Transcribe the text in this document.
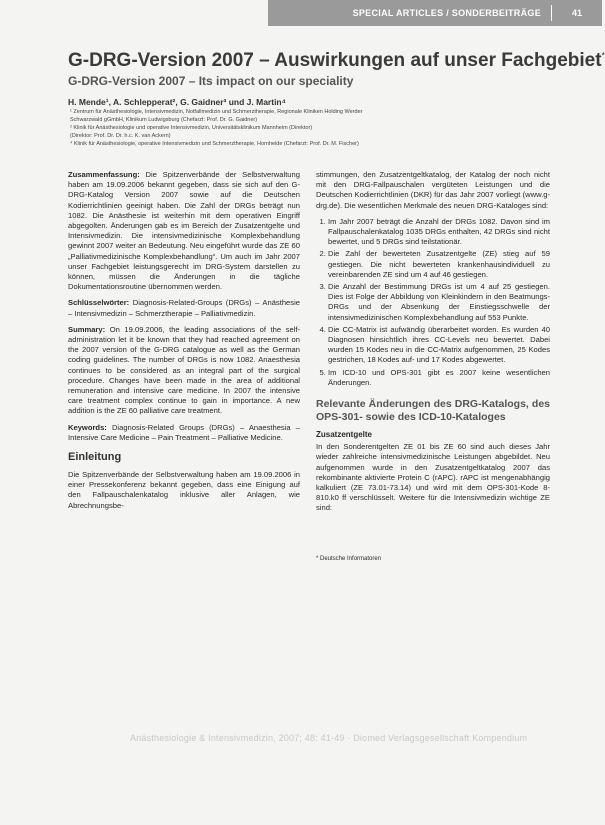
SPECIAL ARTICLES / SONDERBEITRÄGE	41
G-DRG-Version 2007 – Auswirkungen auf unser Fachgebiet*
G-DRG-Version 2007 – Its impact on our speciality
H. Mende¹, A. Schlepperat², G. Gaidner³ und J. Martin⁴
¹ Zentrum für Anästhesiologie, Intensivmedizin, Notfallmedizin und Schmerztherapie, Regionale Kliniken Holding Werder
Schwarzwald gGmbH, Klinikum Ludwigsburg (Chefarzt: Prof. Dr. G. Gaidner)
² Klinik für Anästhesiologie und operative Intensivmedizin, Universitätsklinikum Mannheim (Direktor)
(Direktor: Prof. Dr. Dr. h.c. K. van Ackern)
⁴ Klinik für Anästhesiologie, operative Intensivmedizin und Schmerztherapie, Hornheide (Chefarzt: Prof. Dr. M. Fischer)

Zusammenfassung: Die Spitzenverbände der Selbstverwaltung haben am 19.09.2006 bekannt gegeben, dass sie sich auf den G-DRG-Katalog Version 2007 sowie auf die Deutschen Kodierrichtlinien geeinigt haben. Die Zahl der DRGs beträgt nun 1082. Die Anästhesie ist weiterhin mit dem operativen Eingriff abgegolten. Änderungen gab es im Bereich der Zusatzentgelte und Intensivmedizin. Die intensivmedizinische Komplexbehandlung gewinnt 2007 weiter an Bedeutung. Neu eingeführt wurde das ZE 60 „Palliativmedizinische Komplexbehandlung“. Um auch im Jahr 2007 unser Fachgebiet leistungsgerecht im DRG-System darstellen zu können, müssen die Änderungen in die tägliche Dokumentationsroutine übernommen werden.

Schlüsselwörter: Diagnosis-Related-Groups (DRGs) – Anästhesie – Intensivmedizin – Schmerztherapie – Palliativmedizin.

Summary: On 19.09.2006, the leading associations of the self-administration let it be known that they had reached agreement on the 2007 version of the G-DRG catalogue as well as the German coding guidelines. The number of DRGs is now 1082. Anaesthesia continues to be considered as an integral part of the surgical procedure. Changes have been made in the area of additional remuneration and intensive care medicine. In 2007 the intensive care treatment complex continue to gain in importance. A new addition is the ZE 60 palliative care treatment.

Keywords: Diagnosis-Related Groups (DRGs) – Anaesthesia – Intensive Care Medicine – Pain Treatment – Palliative Medicine.

Einleitung

Die Spitzenverbände der Selbstverwaltung haben am 19.09.2006 in einer Pressekonferenz bekannt gegeben, dass eine Einigung auf den Fallpauschalenkatalog inklusive aller Anlagen, wie Abrechnungsbe-

stimmungen, den Zusatzentgeltkatalog, der Katalog der noch nicht mit den DRG-Fallpauschalen vergüteten Leistungen und die Deutschen Kodierrichtlinien (DKR) für das Jahr 2007 vorliegt (www.g-drg.de). Die wesentlichen Merkmale des neuen DRG-Kataloges sind:

1. Im Jahr 2007 beträgt die Anzahl der DRGs 1082. Davon sind im Fallpauschalenkatalog 1035 DRGs enthalten, 42 DRGs sind nicht bewertet, und 5 DRGs sind teilstationär.
2. Die Zahl der bewerteten Zusatzentgelte (ZE) stieg auf 59 gestiegen. Die nicht bewerteten krankenhausindividuell zu vereinbarenden ZE sind um 4 auf 46 gestiegen.
3. Die Anzahl der Bestimmung DRGs ist um 4 auf 25 gestiegen. Dies ist Folge der Abbildung von Kleinkindern in den Beatmungs-DRGs und der Absenkung der Einstiegsschwelle der intensivmedizinischen Komplexbehandlung auf 553 Punkte.
4. Die CC-Matrix ist aufwändig überarbeitet worden. Es wurden 40 Diagnosen hinsichtlich ihres CC-Levels neu bewertet. Dabei wurden 15 Kodes neu in die CC-Matrix aufgenommen, 25 Kodes gestrichen, 18 Kodes auf- und 17 Kodes abgewertet.
5. Im ICD-10 und OPS-301 gibt es 2007 keine wesentlichen Änderungen.
Relevante Änderungen des DRG-Katalogs, des OPS-301- sowie des ICD-10-Kataloges
Zusatzentgelte

In den Sonderentgelten ZE 01 bis ZE 60 sind auch dieses Jahr wieder zahlreiche intensivmedizinische Leistungen abgebildet. Neu aufgenommen wurde in den Zusatzentgeltkatalog 2007 das rekombinante aktivierte Protein C (rAPC). rAPC ist mengenabhängig kalkuliert (ZE 73.01-73.14) und wird mit dem OPS-301-Kode 8-810.k0 ff verschlüsselt. Weitere für die Intensivmedizin wichtige ZE sind:

* Deutsche Informatoren
Anästhesiologie & Intensivmedizin, 2007; 48: 41-49 · Diomed Verlagsgesellschaft Kompendium
